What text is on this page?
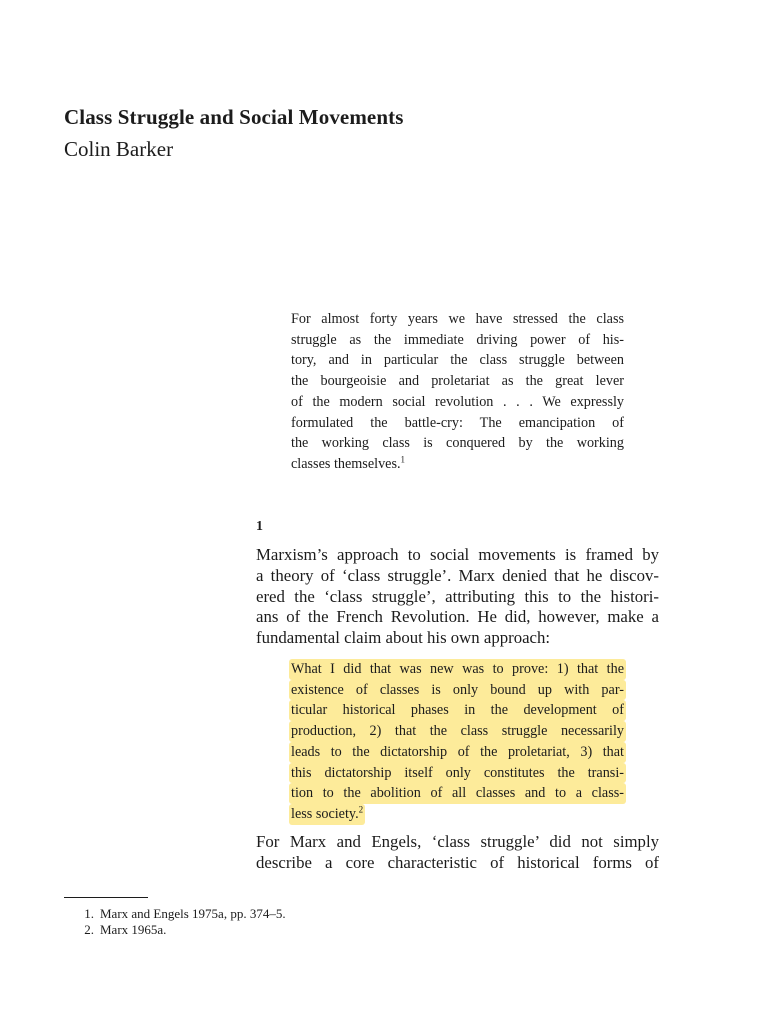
Class Struggle and Social Movements
Colin Barker
For almost forty years we have stressed the class
struggle as the immediate driving power of his-
tory, and in particular the class struggle between
the bourgeoisie and proletariat as the great lever
of the modern social revolution . . . We expressly
formulated the battle-cry: The emancipation of
the working class is conquered by the working
classes themselves.$^1$
1
Marxism’s approach to social movements is framed by
a theory of ‘class struggle’. Marx denied that he discov-
ered the ‘class struggle’, attributing this to the histori-
ans of the French Revolution. He did, however, make a
fundamental claim about his own approach:
What I did that was new was to prove: 1) that the
existence of classes is only bound up with par-
ticular historical phases in the development of
production, 2) that the class struggle necessarily
leads to the dictatorship of the proletariat, 3) that
this dictatorship itself only constitutes the transi-
tion to the abolition of all classes and to a class-
less society.$^2$
For Marx and Engels, ‘class struggle’ did not simply
describe a core characteristic of historical forms of
1. Marx and Engels 1975a, pp. 374–5.
2. Marx 1965a.
